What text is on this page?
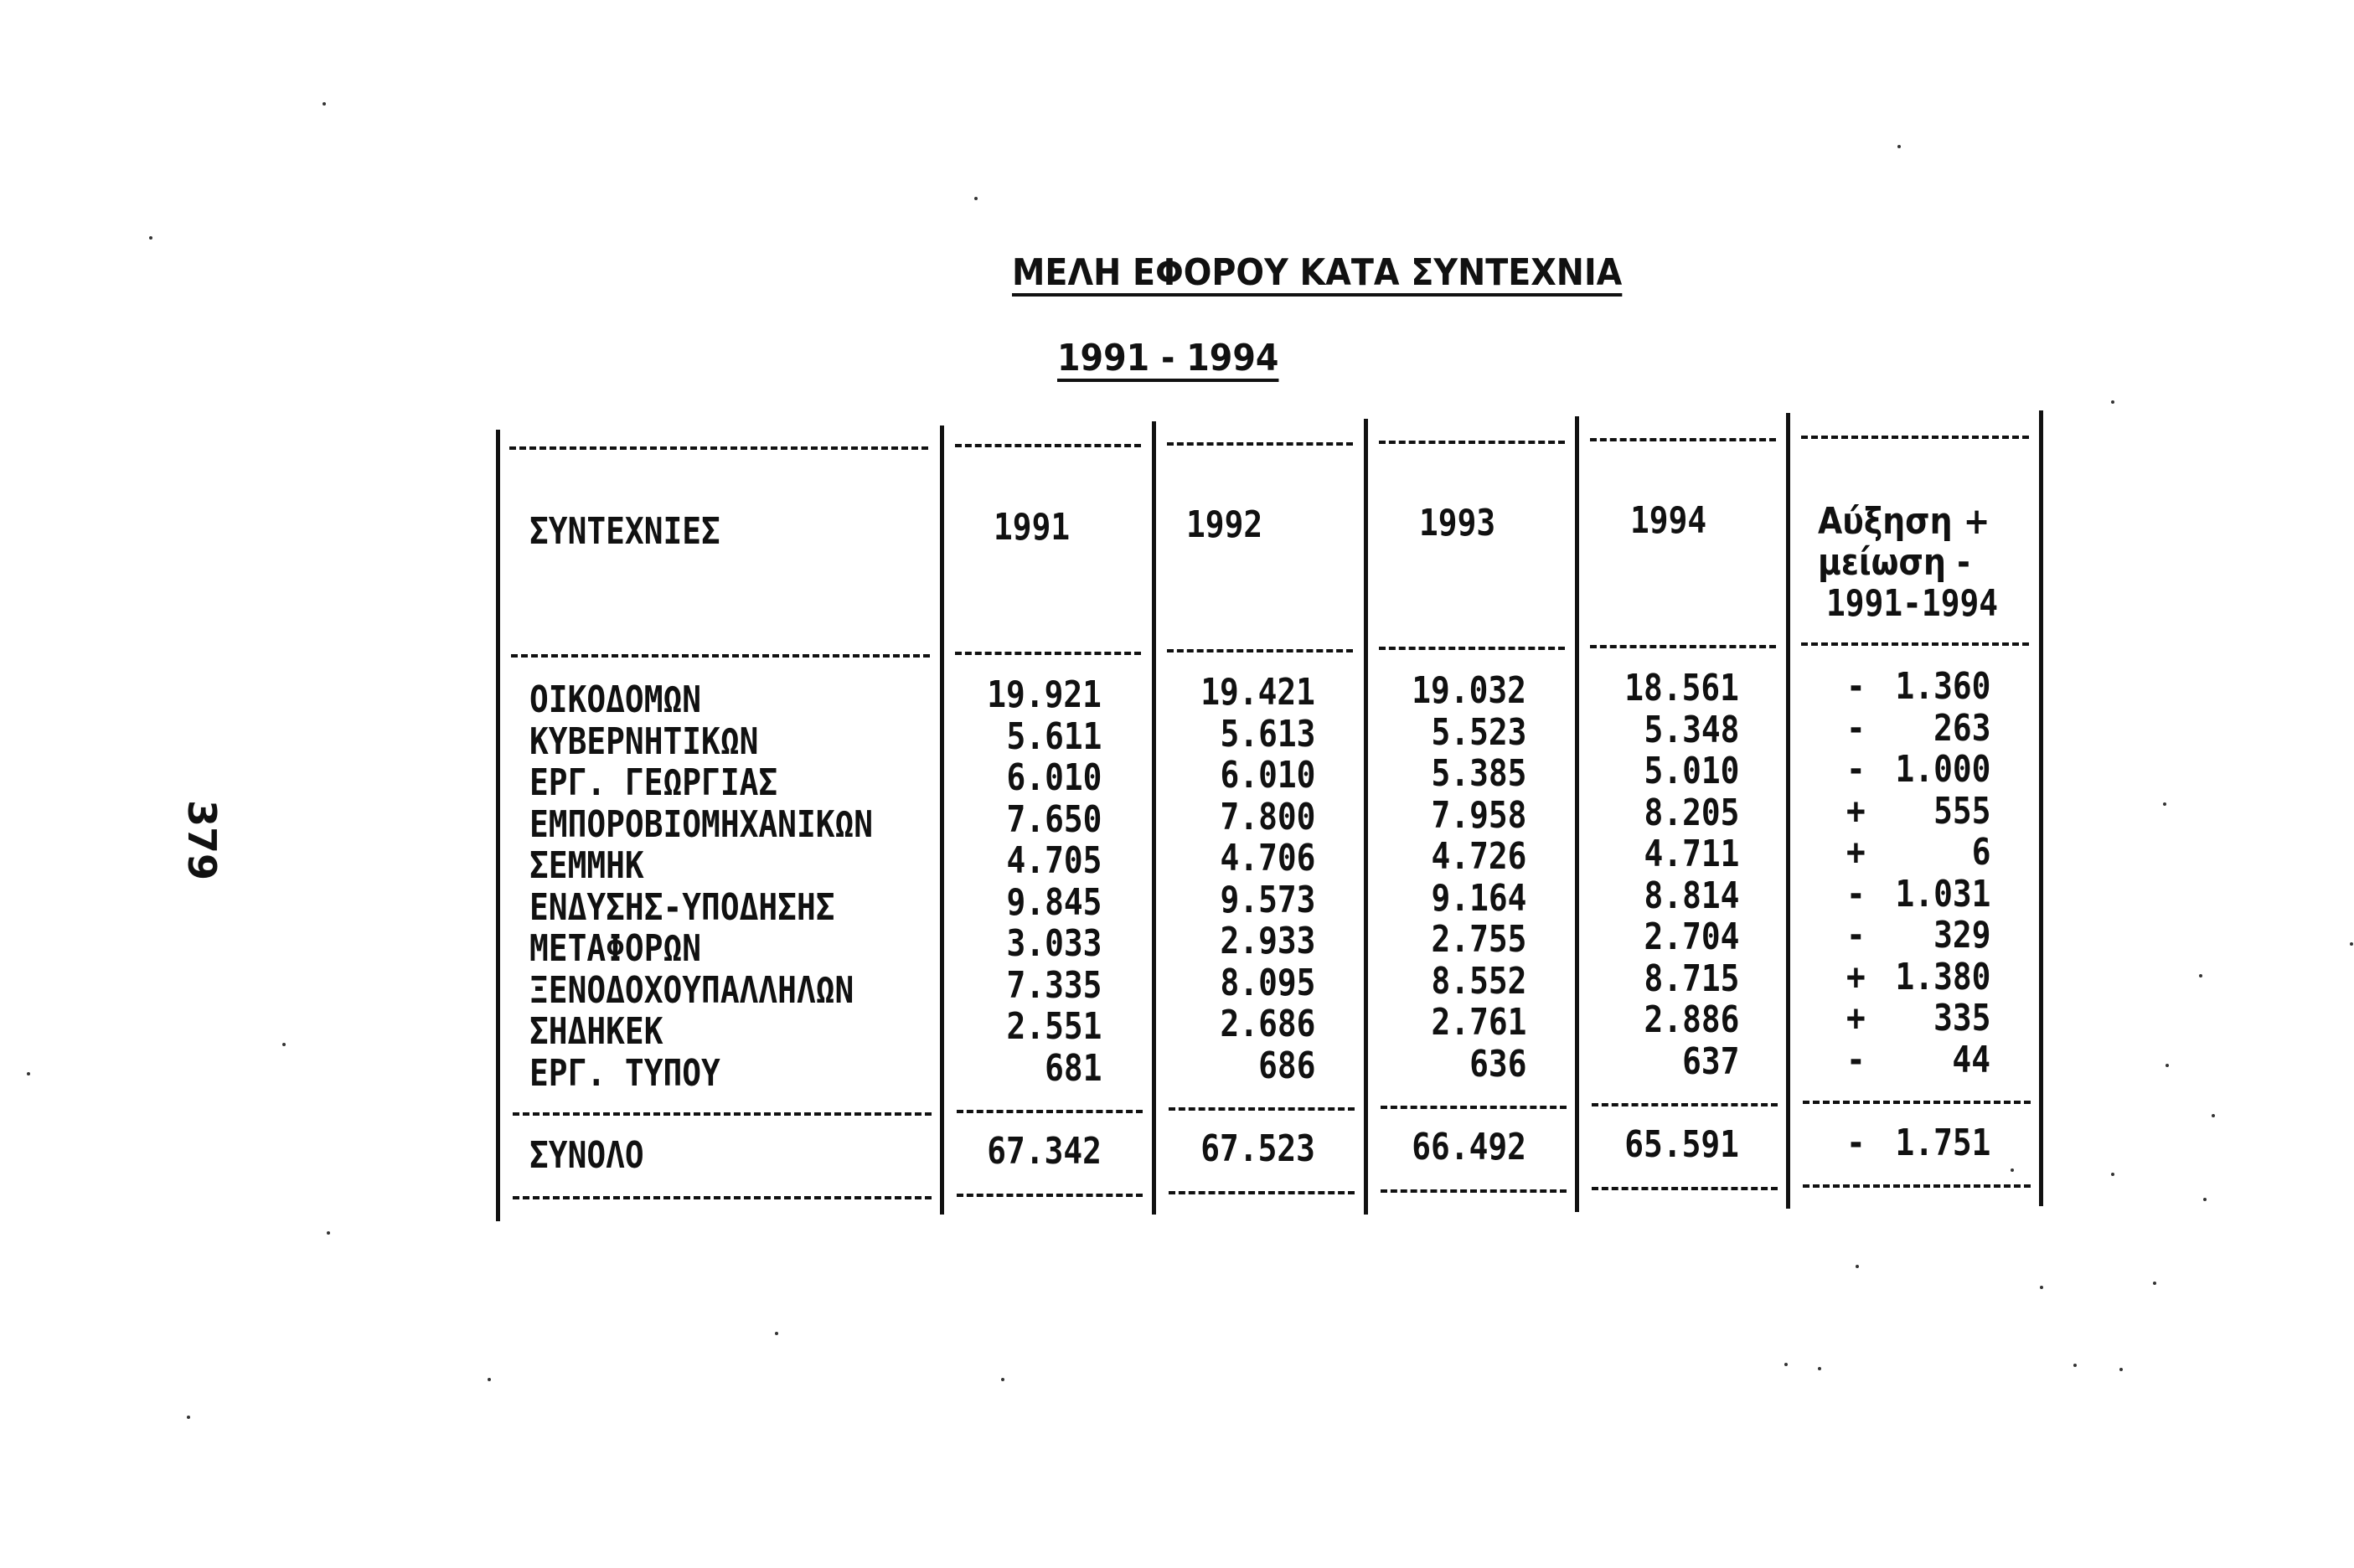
ΜΕΛΗ ΕΦΟΡΟΥ ΚΑΤΑ ΣΥΝΤΕΧΝΙΑ
1991 - 1994
379
ΣΥΝΤΕΧΝΙΕΣ	1991	1992	1993	1994	Αύξηση +
μείωση -
1991-1994
ΟΙΚΟΔΟΜΩΝ	19.921	19.421	19.032	18.561	- 1.360
ΚΥΒΕΡΝΗΤΙΚΩΝ	5.611	5.613	5.523	5.348	- 263
ΕΡΓ. ΓΕΩΡΓΙΑΣ	6.010	6.010	5.385	5.010	- 1.000
ΕΜΠΟΡΟΒΙΟΜΗΧΑΝΙΚΩΝ	7.650	7.800	7.958	8.205	+ 555
ΣΕΜΜΗΚ	4.705	4.706	4.726	4.711	+	6
ΕΝΔΥΣΗΣ-ΥΠΟΔΗΣΗΣ	9.845	9.573	9.164	8.814	- 1.031
ΜΕΤΑΦΟΡΩΝ	3.033	2.933	2.755	2.704	- 329
ΞΕΝΟΔΟΧΟΥΠΑΛΛΗΛΩΝ	7.335	8.095	8.552	8.715	+ 1.380
ΣΗΔΗΚΕΚ	2.551	2.686	2.761	2.886	+ 335
ΕΡΓ. ΤΥΠΟΥ	681	686	636	637	- 44
ΣΥΝΟΛΟ	67.342	67.523	66.492	65.591	- 1.751
